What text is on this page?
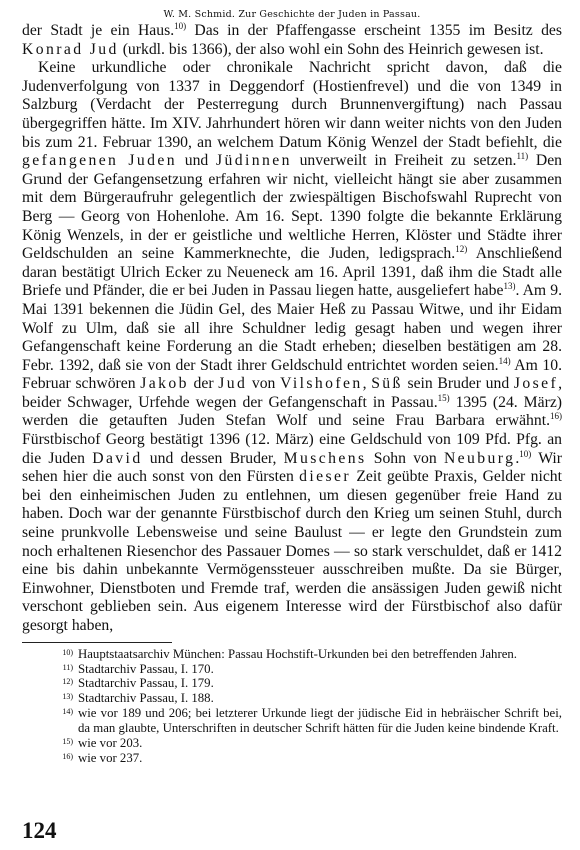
W. M. Schmid. Zur Geschichte der Juden in Passau.

der Stadt je ein Haus.$^{10)}$ Das in der Pfaffengasse erscheint 1355 im Besitz des Konrad Jud (urkdl. bis 1366), der also wohl ein Sohn des Heinrich gewesen ist.

Keine urkundliche oder chronikale Nachricht spricht davon, daß die Judenverfolgung von 1337 in Deggendorf (Hostienfrevel) und die von 1349 in Salzburg (Verdacht der Pesterregung durch Brunnenvergiftung) nach Passau übergegriffen hätte. Im XIV. Jahrhundert hören wir dann weiter nichts von den Juden bis zum 21. Februar 1390, an welchem Datum König Wenzel der Stadt befiehlt, die gefangenen Juden und Jüdinnen unverweilt in Freiheit zu setzen.$^{11)}$ Den Grund der Gefangensetzung erfahren wir nicht, vielleicht hängt sie aber zusammen mit dem Bürgeraufruhr gelegentlich der zwiespältigen Bischofswahl Ruprecht von Berg — Georg von Hohenlohe. Am 16. Sept. 1390 folgte die bekannte Erklärung König Wenzels, in der er geistliche und weltliche Herren, Klöster und Städte ihrer Geldschulden an seine Kammerknechte, die Juden, ledigsprach.$^{12)}$ Anschließend daran bestätigt Ulrich Ecker zu Neueneck am 16. April 1391, daß ihm die Stadt alle Briefe und Pfänder, die er bei Juden in Passau liegen hatte, ausgeliefert habe$^{13)}$. Am 9. Mai 1391 bekennen die Jüdin Gel, des Maier Heß zu Passau Witwe, und ihr Eidam Wolf zu Ulm, daß sie all ihre Schuldner ledig gesagt haben und wegen ihrer Gefangenschaft keine Forderung an die Stadt erheben; dieselben bestätigen am 28. Febr. 1392, daß sie von der Stadt ihrer Geldschuld entrichtet worden seien.$^{14)}$ Am 10. Februar schwören Jakob der Jud von Vilshofen, Süß sein Bruder und Josef, beider Schwager, Urfehde wegen der Gefangenschaft in Passau.$^{15)}$ 1395 (24. März) werden die getauften Juden Stefan Wolf und seine Frau Barbara erwähnt.$^{16)}$ Fürstbischof Georg bestätigt 1396 (12. März) eine Geldschuld von 109 Pfd. Pfg. an die Juden David und dessen Bruder, Muschens Sohn von Neuburg.$^{10)}$ Wir sehen hier die auch sonst von den Fürsten dieser Zeit geübte Praxis, Gelder nicht bei den einheimischen Juden zu entlehnen, um diesen gegenüber freie Hand zu haben. Doch war der genannte Fürstbischof durch den Krieg um seinen Stuhl, durch seine prunkvolle Lebensweise und seine Baulust — er legte den Grundstein zum noch erhaltenen Riesenchor des Passauer Domes — so stark verschuldet, daß er 1412 eine bis dahin unbekannte Vermögenssteuer ausschreiben mußte. Da sie Bürger, Einwohner, Dienstboten und Fremde traf, werden die ansässigen Juden gewiß nicht verschont geblieben sein. Aus eigenem Interesse wird der Fürstbischof also dafür gesorgt haben,

$^{10)}$ Hauptstaatsarchiv München: Passau Hochstift-Urkunden bei den betreffenden Jahren.
$^{11)}$ Stadtarchiv Passau, I. 170.
$^{12)}$ Stadtarchiv Passau, I. 179.
$^{13)}$ Stadtarchiv Passau, I. 188.
$^{14)}$ wie vor 189 und 206; bei letzterer Urkunde liegt der jüdische Eid in hebräischer Schrift bei, da man glaubte, Unterschriften in deutscher Schrift hätten für die Juden keine bindende Kraft.
$^{15)}$ wie vor 203.
$^{16)}$ wie vor 237.
124
